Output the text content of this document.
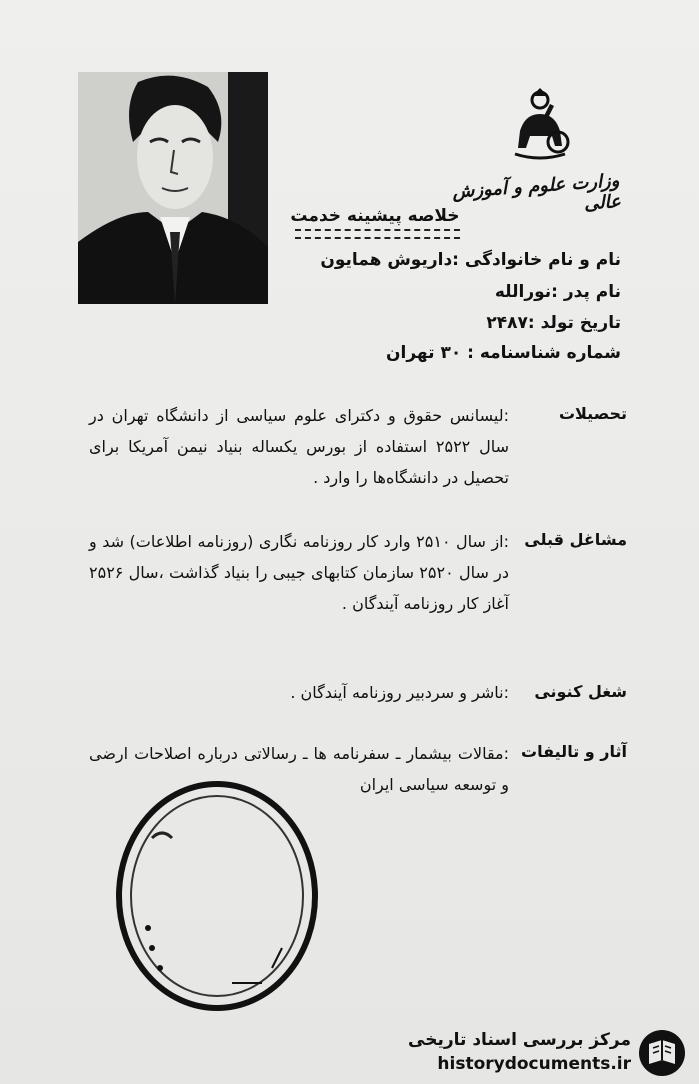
وزارت علوم و آموزش عالی
خلاصه پیشینه خدمت
نام و نام خانوادگی :داریوش همایون
نام پدر :نورالله
تاریخ تولد :۲۴۸۷
شماره شناسنامه : ۳۰ تهران
تحصیلات
:لیسانس حقوق و دکترای علوم سیاسی از دانشگاه تهران در سال ۲۵۲۲ استفاده از بورس یکساله بنیاد نیمن آمریکا برای تحصیل در دانشگاه‌ها را وارد .
مشاغل قبلی
:از سال ۲۵۱۰ وارد کار روزنامه نگاری (روزنامه اطلاعات) شد و در سال ۲۵۲۰ سازمان کتابهای جیبی را بنیاد گذاشت ،سال ۲۵۲۶ آغاز کار روزنامه آیندگان .
شغل کنونی
:ناشر و سردبیر روزنامه آیندگان .
آثار و تالیفات
:مقالات بیشمار ـ سفرنامه ها ـ رسالاتی درباره اصلاحات ارضی و توسعه سیاسی ایران
مرکز بررسی اسناد تاریخی
historydocuments.ir
